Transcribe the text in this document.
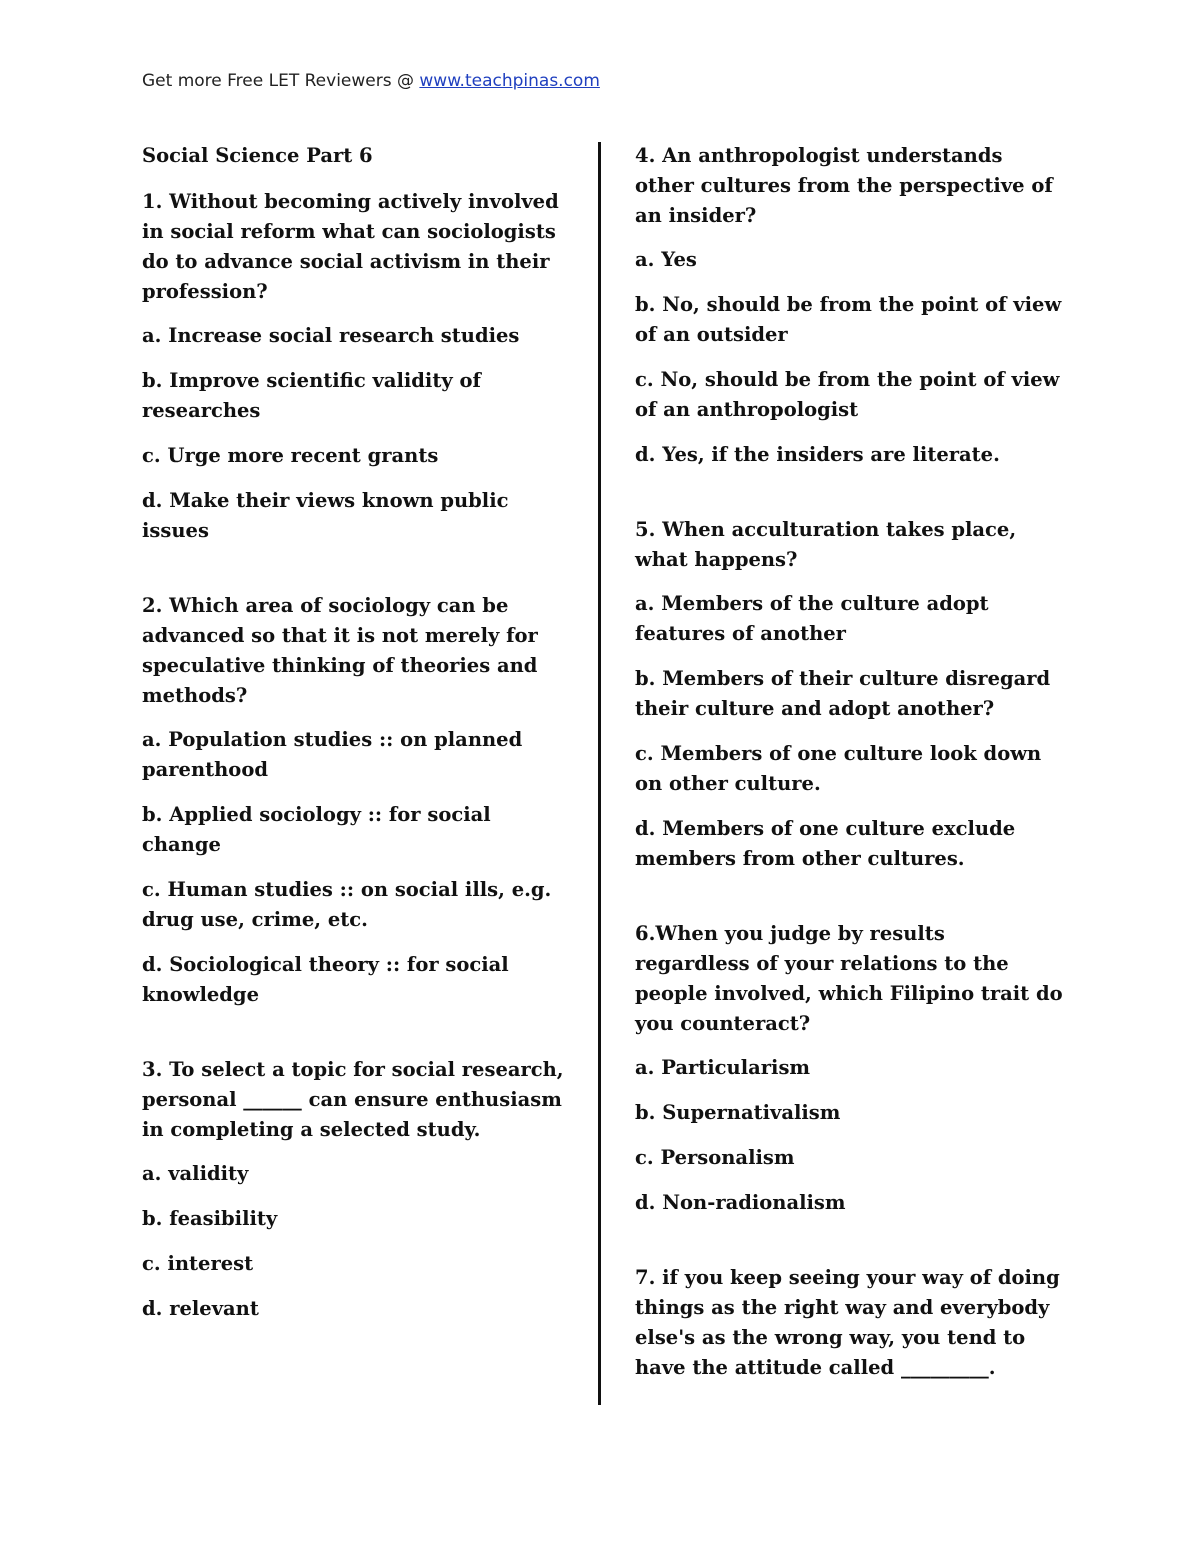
Get more Free LET Reviewers @ www.teachpinas.com
Social Science Part 6
1. Without becoming actively involved in social reform what can sociologists do to advance social activism in their profession?
a. Increase social research studies
b. Improve scientific validity of researches
c. Urge more recent grants
d. Make their views known public issues
2. Which area of sociology can be advanced so that it is not merely for speculative thinking of theories and methods?
a. Population studies :: on planned parenthood
b. Applied sociology :: for social change
c. Human studies :: on social ills, e.g. drug use, crime, etc.
d. Sociological theory :: for social knowledge
3. To select a topic for social research, personal ______ can ensure enthusiasm in completing a selected study.
a. validity
b. feasibility
c. interest
d. relevant
4. An anthropologist understands other cultures from the perspective of an insider?
a. Yes
b. No, should be from the point of view of an outsider
c. No, should be from the point of view of an anthropologist
d. Yes, if the insiders are literate.
5. When acculturation takes place, what happens?
a. Members of the culture adopt features of another
b. Members of their culture disregard their culture and adopt another?
c. Members of one culture look down on other culture.
d. Members of one culture exclude members from other cultures.
6.When you judge by results regardless of your relations to the people involved, which Filipino trait do you counteract?
a. Particularism
b. Supernativalism
c. Personalism
d. Non-radionalism
7. if you keep seeing your way of doing things as the right way and everybody else's as the wrong way, you tend to have the attitude called _________.
